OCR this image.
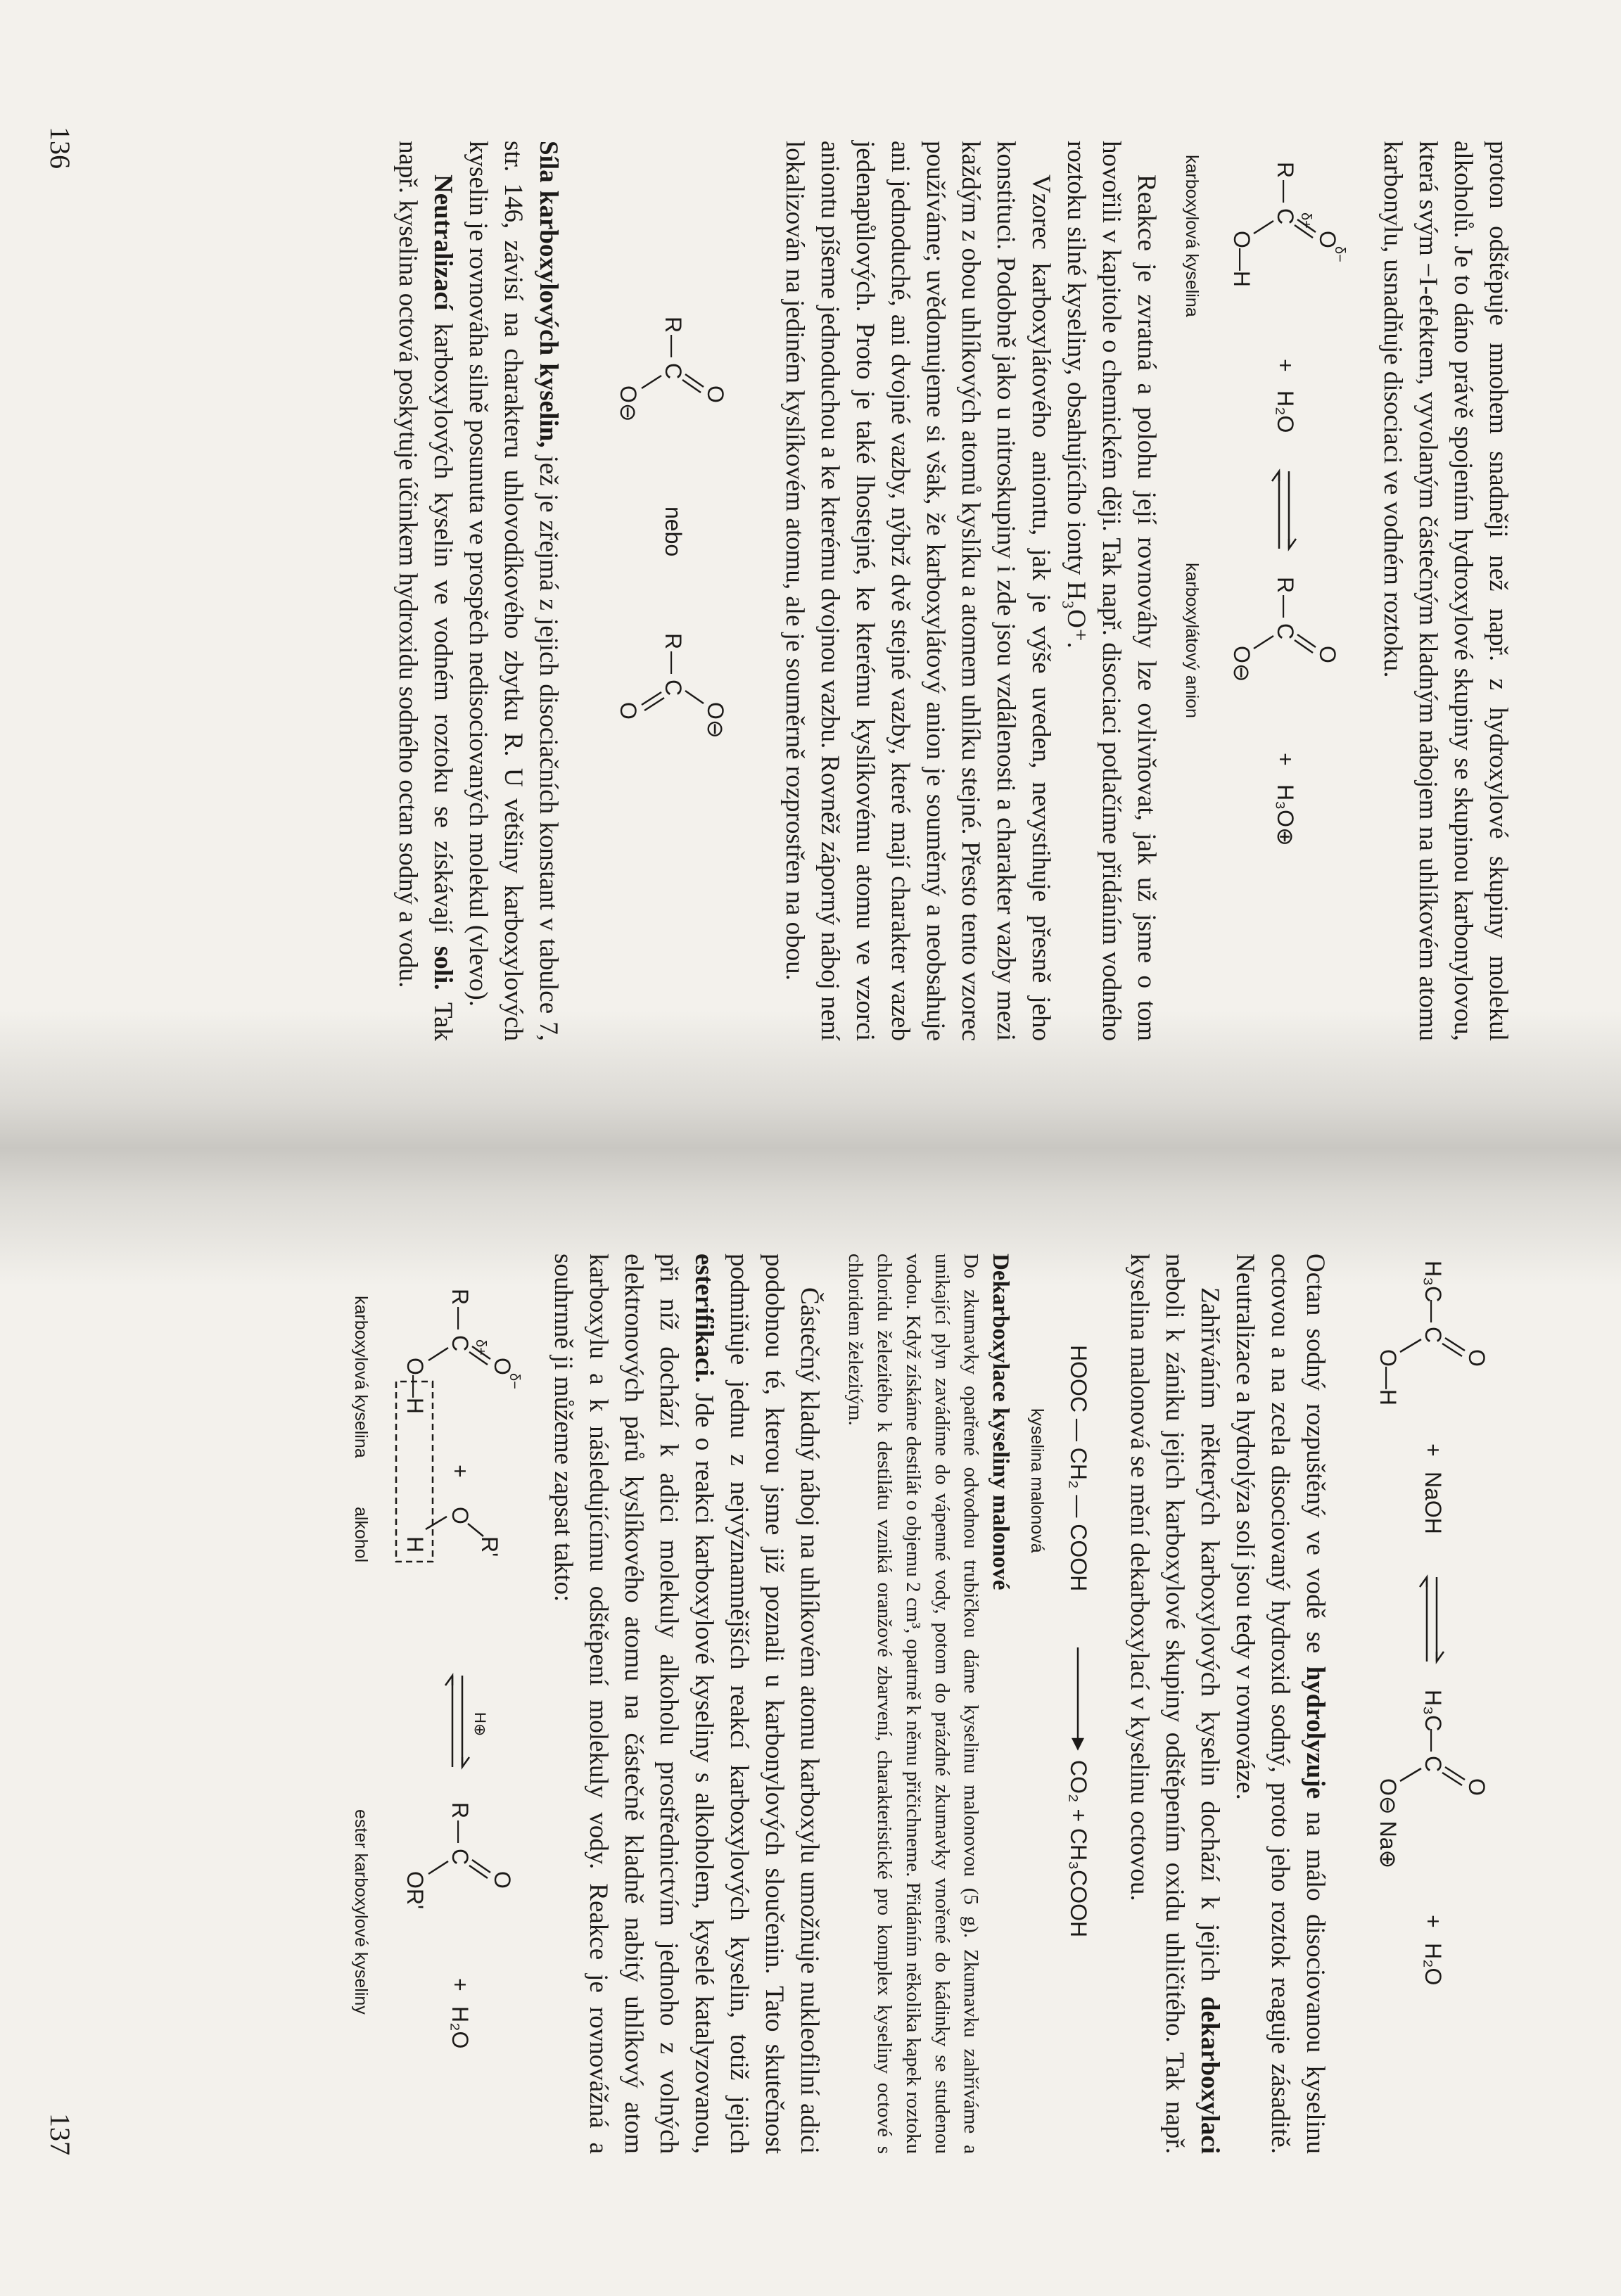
proton odštěpuje mnohem snadněji než např. z hydroxylové skupiny molekul alkoholů. Je to dáno právě spojením hydroxylové skupiny se skupinou karbonylovou, která svým −I-efektem, vyvolaným částečným kladným nábojem na uhlíkovém atomu karbonylu, usnadňuje disociaci ve vodném roztoku.

R
—
C
O
O—H
δ+
δ−
+
H₂O
R
—
C
O
O⊖
+
H₃O⊕
karboxylová kyselina
karboxylátový anion

Reakce je zvratná a polohu její rovnováhy lze ovlivňovat, jak už jsme o tom hovořili v kapitole o chemickém ději. Tak např. disociaci potlačíme přidáním vodného roztoku silné kyseliny, obsahujícího ionty H₃O⁺.

Vzorec karboxylátového aniontu, jak je výše uveden, nevystihuje přesně jeho konstituci. Podobně jako u nitroskupiny i zde jsou vzdálenosti a charakter vazby mezi každým z obou uhlíkových atomů kyslíku a atomem uhlíku stejné. Přesto tento vzorec používáme; uvědomujeme si však, že karboxylátový anion je souměrný a neobsahuje ani jednoduché, ani dvojné vazby, nýbrž dvě stejné vazby, které mají charakter vazeb jedenapůlových. Proto je také lhostejné, ke kterému kyslíkovému atomu ve vzorci aniontu píšeme jednoduchou a ke kterému dvojnou vazbu. Rovněž záporný náboj není lokalizován na jediném kyslíkovém atomu, ale je souměrně rozprostřen na obou.

R
—
C
O
O⊖
nebo
R
—
C
O⊖
O

Síla karboxylových kyselin, jež je zřejmá z jejich disociačních konstant v tabulce 7, str. 146, závisí na charakteru uhlovodíkového zbytku R. U většiny karboxylových kyselin je rovnováha silně posunuta ve prospěch nedisociovaných molekul (vlevo).

Neutralizací karboxylových kyselin ve vodném roztoku se získávají soli. Tak např. kyselina octová poskytuje účinkem hydroxidu sodného octan sodný a vodu.

136
H₃C
—
C
O
O—H
+
NaOH
H₃C
—
C
O
O⊖ Na⊕
+
H₂O

Octan sodný rozpuštěný ve vodě se hydrolyzuje na málo disociovanou kyselinu octovou a na zcela disociovaný hydroxid sodný, proto jeho roztok reaguje zásaditě. Neutralizace a hydrolýza solí jsou tedy v rovnováze.

Zahříváním některých karboxylových kyselin dochází k jejich dekarboxylaci neboli k zániku jejich karboxylové skupiny odštěpením oxidu uhličitého. Tak např. kyselina malonová se mění dekarboxylací v kyselinu octovou.

HOOC — CH₂ — COOH
CO₂ + CH₃COOH
kyselina malonová
Dekarboxylace kyseliny malonové

Do zkumavky opatřené odvodnou trubičkou dáme kyselinu malonovou (5 g). Zkumavku zahříváme a unikající plyn zavádíme do vápenné vody, potom do prázdné zkumavky vnořené do kádinky se studenou vodou. Když získáme destilát o objemu 2 cm³, opatrně k němu přičichneme. Přidáním několika kapek roztoku chloridu železitého k destilátu vzniká oranžové zbarvení, charakteristické pro komplex kyseliny octové s chloridem železitým.

Částečný kladný náboj na uhlíkovém atomu karboxylu umožňuje nukleofilní adici podobnou té, kterou jsme již poznali u karbonylových sloučenin. Tato skutečnost podmiňuje jednu z nejvýznamnějších reakcí karboxylových kyselin, totiž jejich esterifikaci. Jde o reakci karboxylové kyseliny s alkoholem, kyselé katalyzovanou, při níž dochází k adici molekuly alkoholu prostřednictvím jednoho z volných elektronových párů kyslíkového atomu na částečně kladně nabitý uhlíkový atom karboxylu a k následujícímu odštěpení molekuly vody. Reakce je rovnovážná a souhrnně ji můžeme zapsat takto:

R
—
C
O
O—H
δ+
δ−
+
O
R'
H
H⊕
R
—
C
O
OR'
+
H₂O
karboxylová kyselina
alkohol
ester karboxylové kyseliny
137
